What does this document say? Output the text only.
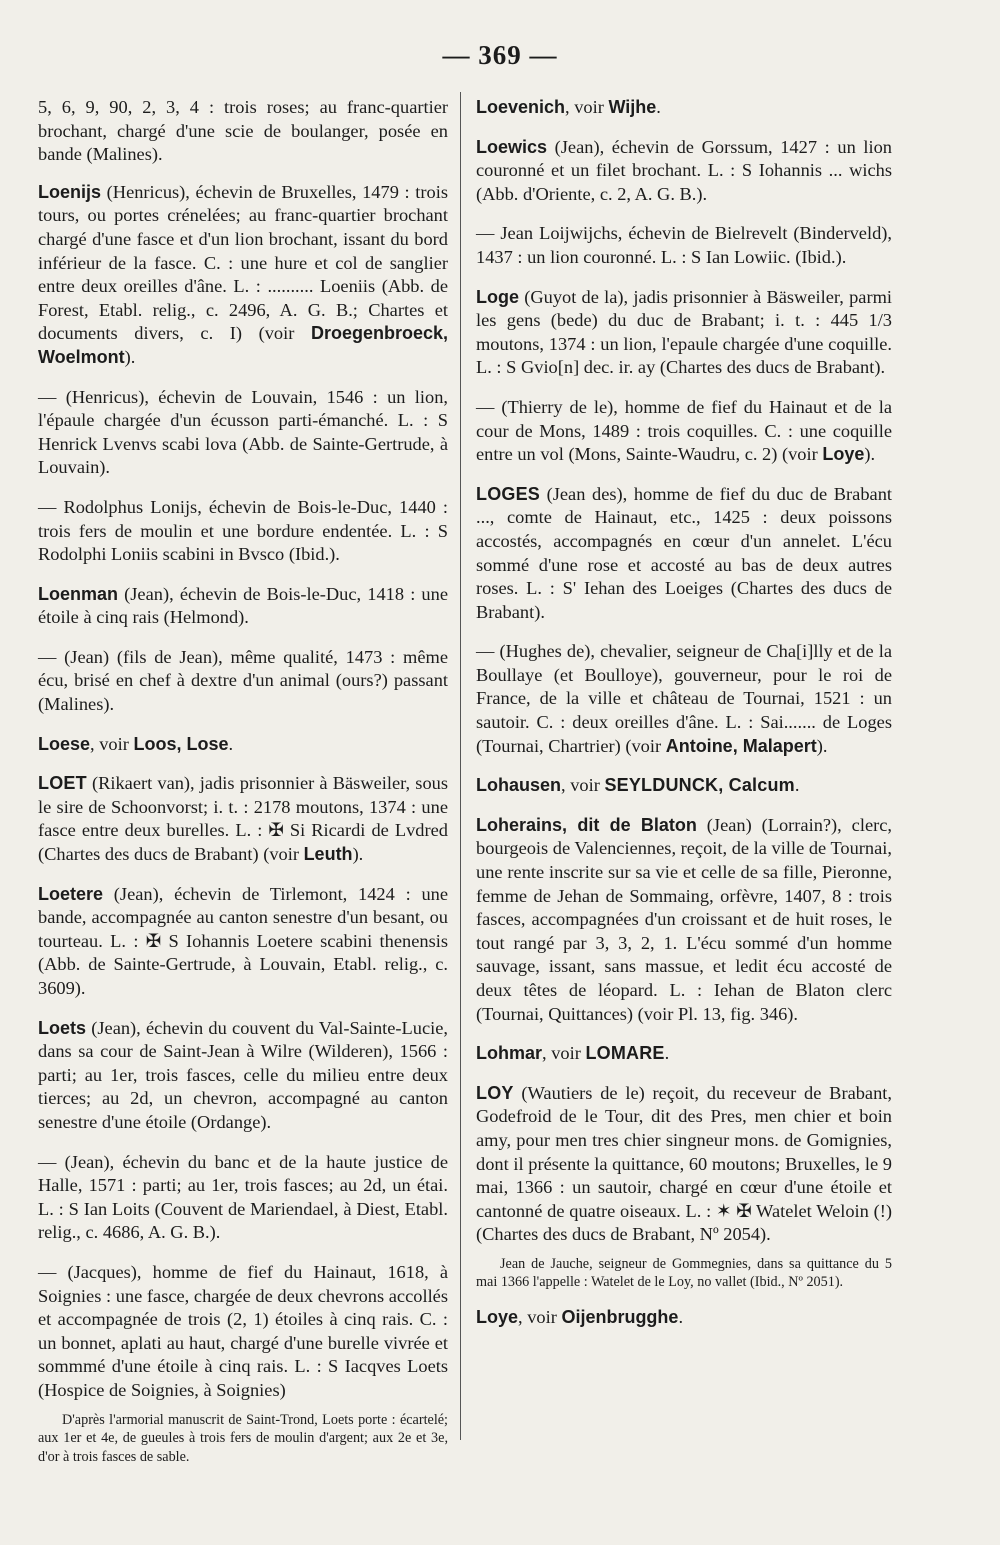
— 369 —

5, 6, 9, 90, 2, 3, 4 : trois roses; au franc-quartier brochant, chargé d'une scie de boulanger, posée en bande (Malines).

Loenijs (Henricus), échevin de Bruxelles, 1479 : trois tours, ou portes crénelées; au franc-quartier brochant chargé d'une fasce et d'un lion brochant, issant du bord inférieur de la fasce. C. : une hure et col de sanglier entre deux oreilles d'âne. L. : .......... Loeniis (Abb. de Forest, Etabl. relig., c. 2496, A. G. B.; Chartes et documents divers, c. I) (voir Droegenbroeck, Woelmont).

— (Henricus), échevin de Louvain, 1546 : un lion, l'épaule chargée d'un écusson parti-émanché. L. : S Henrick Lvenvs scabi lova (Abb. de Sainte-Gertrude, à Louvain).

— Rodolphus Lonijs, échevin de Bois-le-Duc, 1440 : trois fers de moulin et une bordure endentée. L. : S Rodolphi Loniis scabini in Bvsco (Ibid.).

Loenman (Jean), échevin de Bois-le-Duc, 1418 : une étoile à cinq rais (Helmond).

— (Jean) (fils de Jean), même qualité, 1473 : même écu, brisé en chef à dextre d'un animal (ours?) passant (Malines).

Loese, voir Loos, Lose.

LOET (Rikaert van), jadis prisonnier à Bäsweiler, sous le sire de Schoonvorst; i. t. : 2178 moutons, 1374 : une fasce entre deux burelles. L. : ✠ Si Ricardi de Lvdred (Chartes des ducs de Brabant) (voir Leuth).

Loetere (Jean), échevin de Tirlemont, 1424 : une bande, accompagnée au canton senestre d'un besant, ou tourteau. L. : ✠ S Iohannis Loetere scabini thenensis (Abb. de Sainte-Gertrude, à Louvain, Etabl. relig., c. 3609).

Loets (Jean), échevin du couvent du Val-Sainte-Lucie, dans sa cour de Saint-Jean à Wilre (Wilderen), 1566 : parti; au 1er, trois fasces, celle du milieu entre deux tierces; au 2d, un chevron, accompagné au canton senestre d'une étoile (Ordange).

— (Jean), échevin du banc et de la haute justice de Halle, 1571 : parti; au 1er, trois fasces; au 2d, un étai. L. : S Ian Loits (Couvent de Mariendael, à Diest, Etabl. relig., c. 4686, A. G. B.).

— (Jacques), homme de fief du Hainaut, 1618, à Soignies : une fasce, chargée de deux chevrons accollés et accompagnée de trois (2, 1) étoiles à cinq rais. C. : un bonnet, aplati au haut, chargé d'une burelle vivrée et sommmé d'une étoile à cinq rais. L. : S Iacqves Loets (Hospice de Soignies, à Soignies)

D'après l'armorial manuscrit de Saint-Trond, Loets porte : écartelé; aux 1er et 4e, de gueules à trois fers de moulin d'argent; aux 2e et 3e, d'or à trois fasces de sable.

Loevenich, voir Wijhe.

Loewics (Jean), échevin de Gorssum, 1427 : un lion couronné et un filet brochant. L. : S Iohannis ... wichs (Abb. d'Oriente, c. 2, A. G. B.).

— Jean Loijwijchs, échevin de Bielrevelt (Binderveld), 1437 : un lion couronné. L. : S Ian Lowiic. (Ibid.).

Loge (Guyot de la), jadis prisonnier à Bäsweiler, parmi les gens (bede) du duc de Brabant; i. t. : 445 1/3 moutons, 1374 : un lion, l'epaule chargée d'une coquille. L. : S Gvio[n] dec. ir. ay (Chartes des ducs de Brabant).

— (Thierry de le), homme de fief du Hainaut et de la cour de Mons, 1489 : trois coquilles. C. : une coquille entre un vol (Mons, Sainte-Waudru, c. 2) (voir Loye).

LOGES (Jean des), homme de fief du duc de Brabant ..., comte de Hainaut, etc., 1425 : deux poissons accostés, accompagnés en cœur d'un annelet. L'écu sommé d'une rose et accosté au bas de deux autres roses. L. : S' Iehan des Loeiges (Chartes des ducs de Brabant).

— (Hughes de), chevalier, seigneur de Cha[i]lly et de la Boullaye (et Boulloye), gouverneur, pour le roi de France, de la ville et château de Tournai, 1521 : un sautoir. C. : deux oreilles d'âne. L. : Sai....... de Loges (Tournai, Chartrier) (voir Antoine, Malapert).

Lohausen, voir SEYLDUNCK, Calcum.

Loherains, dit de Blaton (Jean) (Lorrain?), clerc, bourgeois de Valenciennes, reçoit, de la ville de Tournai, une rente inscrite sur sa vie et celle de sa fille, Pieronne, femme de Jehan de Sommaing, orfèvre, 1407, 8 : trois fasces, accompagnées d'un croissant et de huit roses, le tout rangé par 3, 3, 2, 1. L'écu sommé d'un homme sauvage, issant, sans massue, et ledit écu accosté de deux têtes de léopard. L. : Iehan de Blaton clerc (Tournai, Quittances) (voir Pl. 13, fig. 346).

Lohmar, voir LOMARE.

LOY (Wautiers de le) reçoit, du receveur de Brabant, Godefroid de le Tour, dit des Pres, men chier et boin amy, pour men tres chier singneur mons. de Gomignies, dont il présente la quittance, 60 moutons; Bruxelles, le 9 mai, 1366 : un sautoir, chargé en cœur d'une étoile et cantonné de quatre oiseaux. L. : ✶ ✠ Watelet Weloin (!) (Chartes des ducs de Brabant, Nº 2054).

Jean de Jauche, seigneur de Gommegnies, dans sa quittance du 5 mai 1366 l'appelle : Watelet de le Loy, no vallet (Ibid., Nº 2051).

Loye, voir Oijenbrugghe.
